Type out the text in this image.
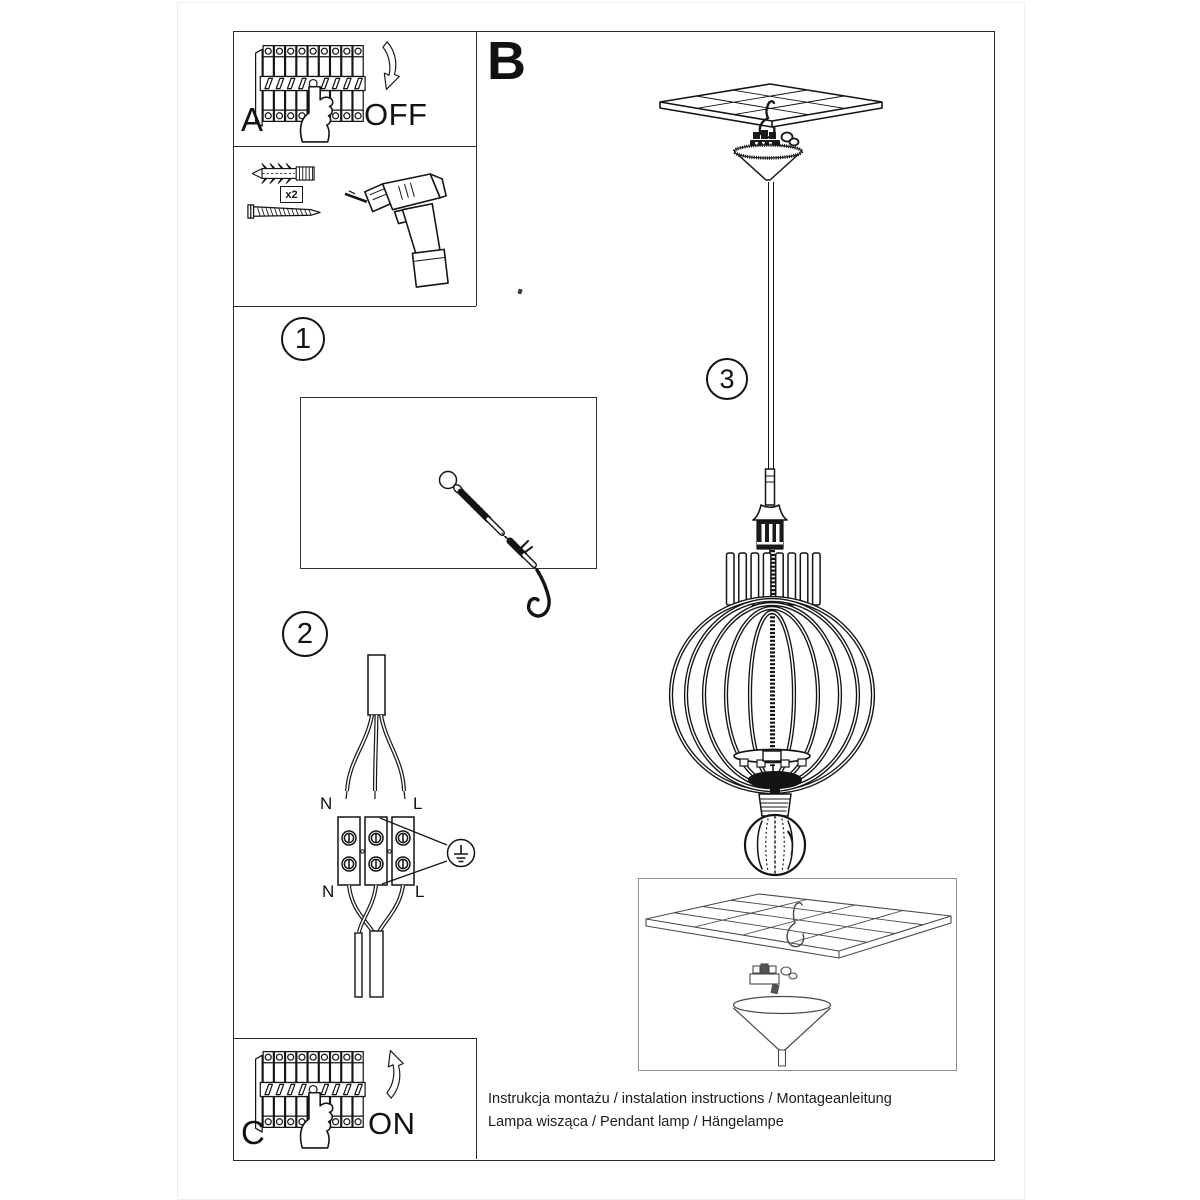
OFF
A
x2
1
2
N	L
N	L
ON
C
B
3
Instrukcja montażu / instalation instructions / Montageanleitung
Lampa wisząca / Pendant lamp / Hängelampe
